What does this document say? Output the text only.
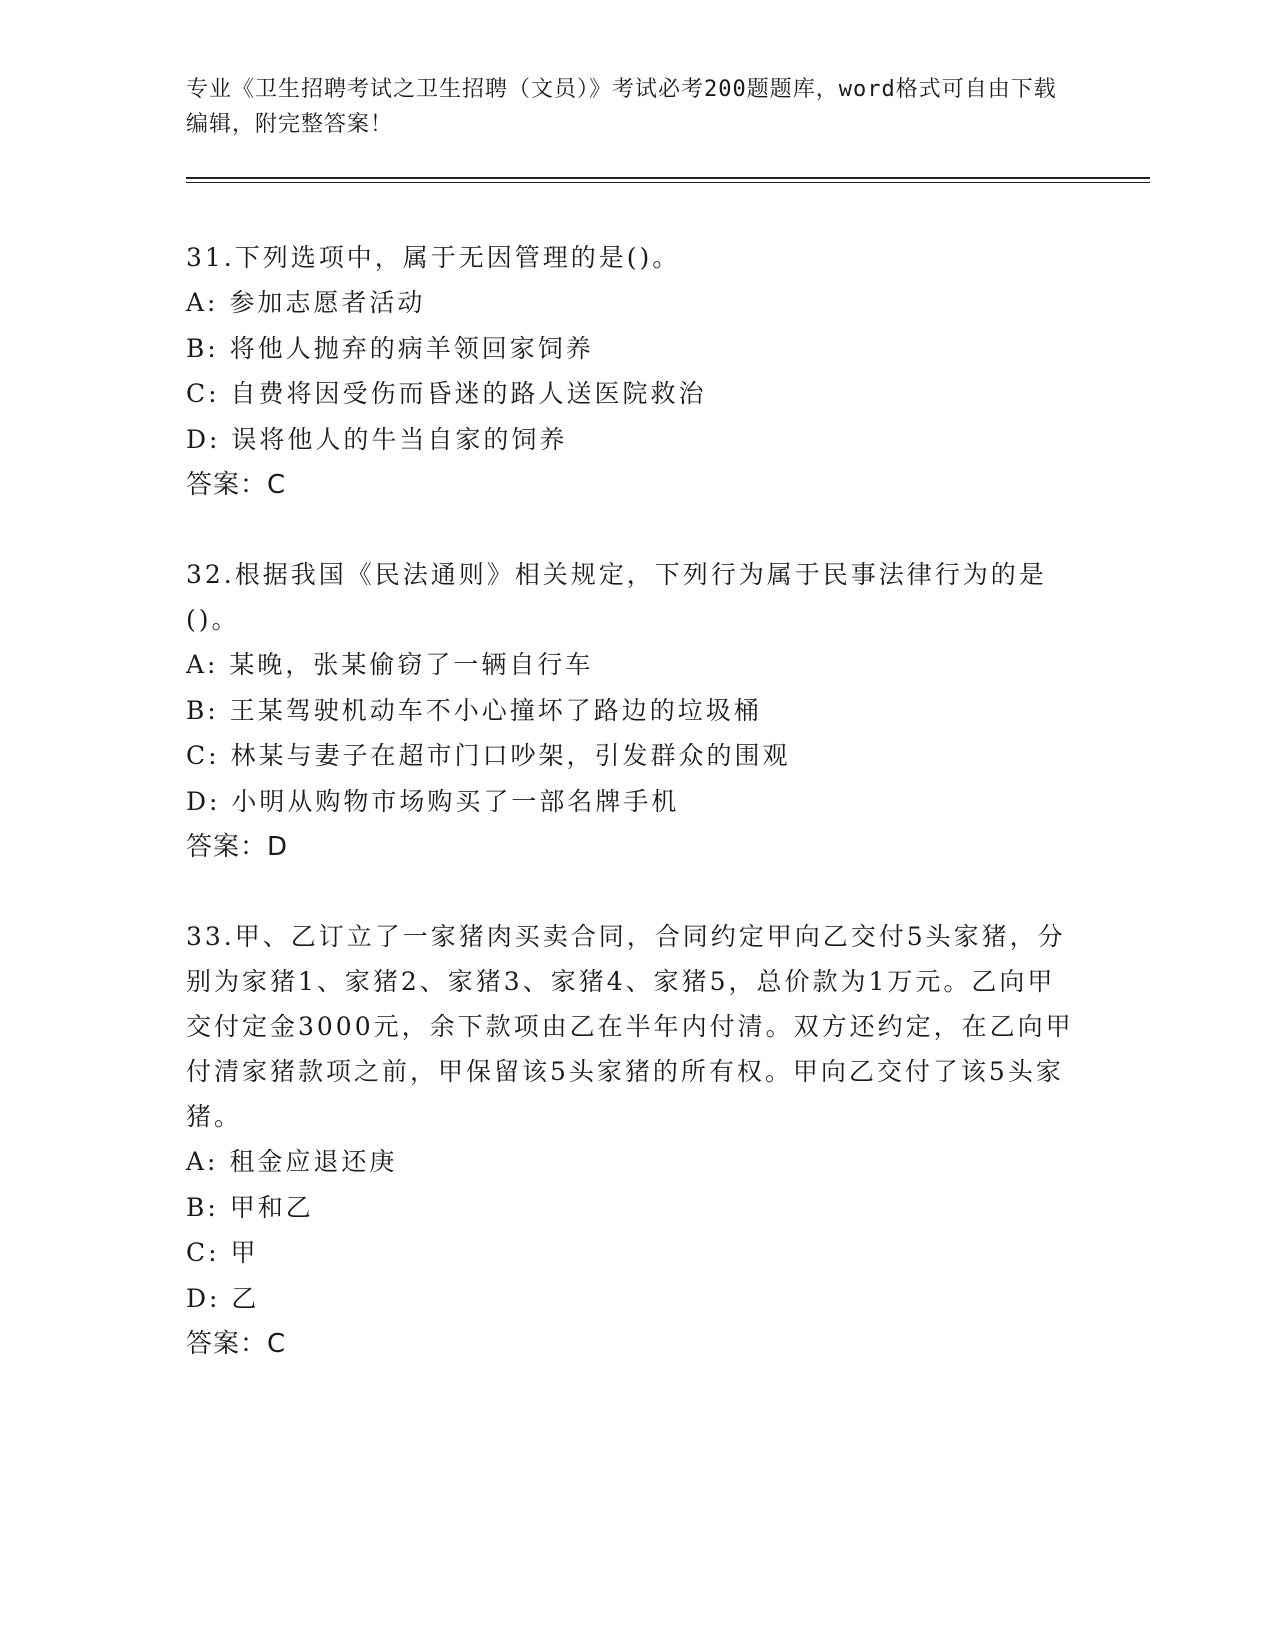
专业《卫生招聘考试之卫生招聘（文员）》考试必考200题题库，word格式可自由下载编辑，附完整答案！
31.下列选项中，属于无因管理的是()。
A: 参加志愿者活动
B: 将他人抛弃的病羊领回家饲养
C: 自费将因受伤而昏迷的路人送医院救治
D: 误将他人的牛当自家的饲养
答案：C
32.根据我国《民法通则》相关规定，下列行为属于民事法律行为的是()。
A: 某晚，张某偷窃了一辆自行车
B: 王某驾驶机动车不小心撞坏了路边的垃圾桶
C: 林某与妻子在超市门口吵架，引发群众的围观
D: 小明从购物市场购买了一部名牌手机
答案：D
33.甲、乙订立了一家猪肉买卖合同，合同约定甲向乙交付5头家猪，分别为家猪1、家猪2、家猪3、家猪4、家猪5，总价款为1万元。乙向甲交付定金3000元，余下款项由乙在半年内付清。双方还约定，在乙向甲付清家猪款项之前，甲保留该5头家猪的所有权。甲向乙交付了该5头家猪。
A: 租金应退还庚
B: 甲和乙
C: 甲
D: 乙
答案：C
